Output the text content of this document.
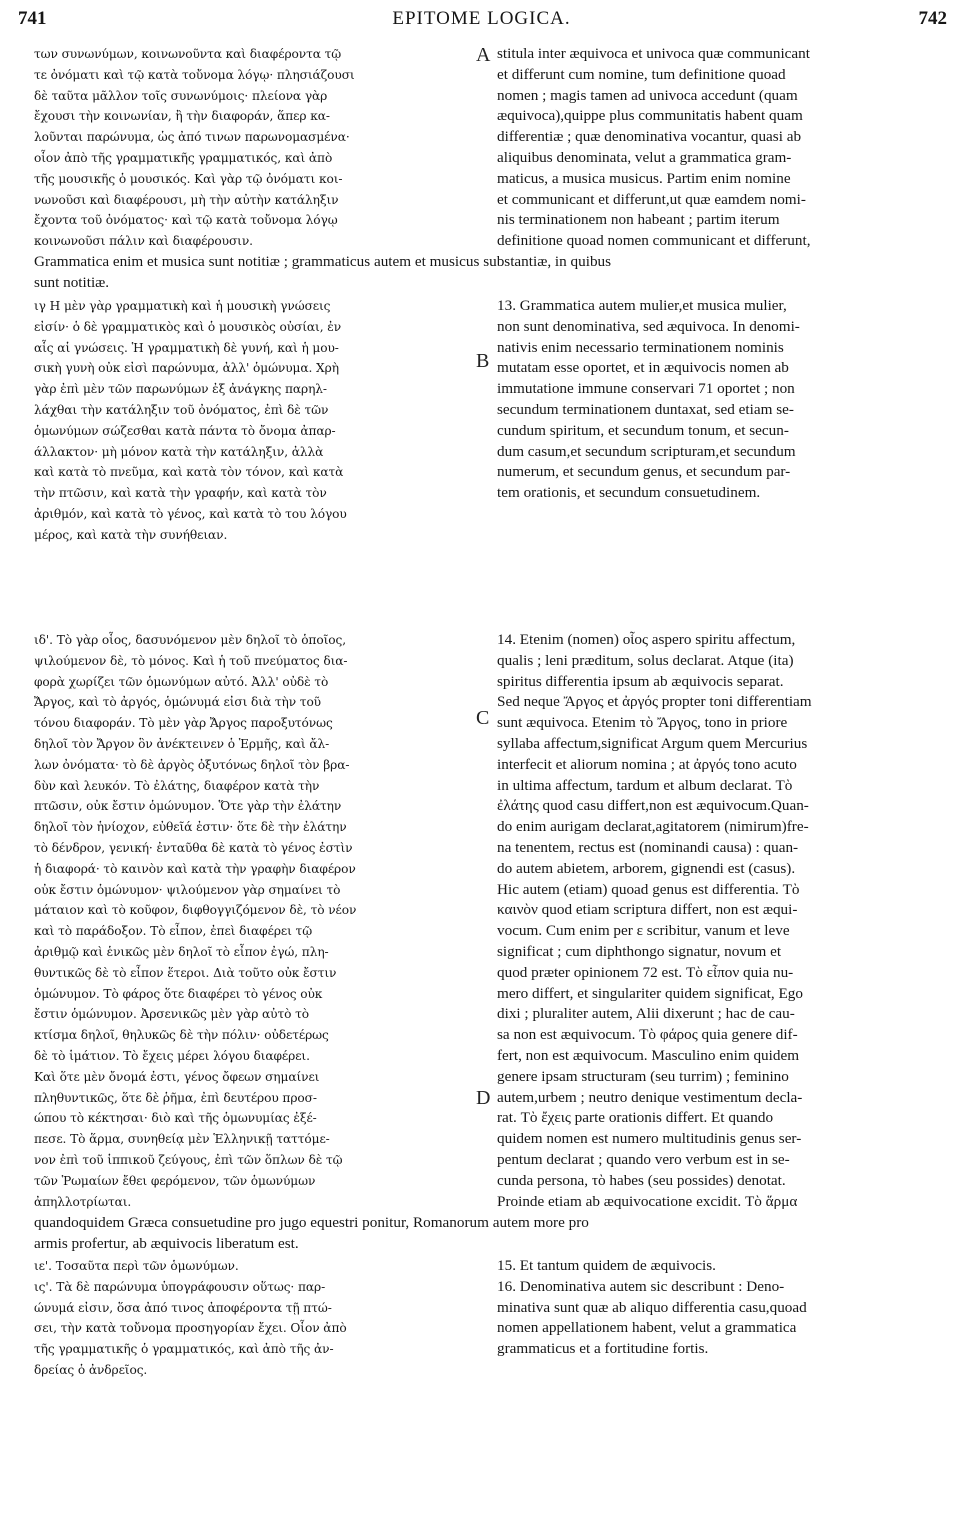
741	EPITOME LOGICA.	742
A
B
C
D
των συνωνύμων, κοινωνοῦντα καὶ διαφέροντα τῷ
τε ὀνόματι καὶ τῷ κατὰ τοὔνομα λόγῳ· πλησιάζουσι
δὲ ταῦτα μᾶλλον τοῖς συνωνύμοις· πλείονα γὰρ
ἔχουσι τὴν κοινωνίαν, ἢ τὴν διαφοράν, ἅπερ κα-
λοῦνται παρώνυμα, ὡς ἀπό τινων παρωνομασμένα·
οἷον ἀπὸ τῆς γραμματικῆς γραμματικός, καὶ ἀπὸ
τῆς μουσικῆς ὁ μουσικός. Καὶ γὰρ τῷ ὀνόματι κοι-
νωνοῦσι καὶ διαφέρουσι, μὴ τὴν αὐτὴν κατάληξιν
ἔχοντα τοῦ ὀνόματος· καὶ τῷ κατὰ τοὔνομα λόγῳ
κοινωνοῦσι πάλιν καὶ διαφέρουσιν.
stitula inter æquivoca et univoca quæ communicant
et differunt cum nomine, tum definitione quoad
nomen ; magis tamen ad univoca accedunt (quam
æquivoca),quippe plus communitatis habent quam
differentiæ ; quæ denominativa vocantur, quasi ab
aliquibus denominata, velut a grammatica gram-
maticus, a musica musicus. Partim enim nomine
et communicant et differunt,ut quæ eamdem nomi-
nis terminationem non habeant ; partim iterum
definitione quoad nomen communicant et differunt,
Grammatica enim et musica sunt notitiæ ; grammaticus autem et musicus substantiæ, in quibus
sunt notitiæ.
ιγ Η μὲν γὰρ γραμματικὴ καὶ ἡ μουσικὴ γνώσεις
εἰσίν· ὁ δὲ γραμματικὸς καὶ ὁ μουσικὸς οὐσίαι, ἐν
αἷς αἱ γνώσεις. Ἡ γραμματικὴ δὲ γυνή, καὶ ἡ μου-
σικὴ γυνὴ οὐκ εἰσὶ παρώνυμα, ἀλλ' ὁμώνυμα. Χρὴ
γὰρ ἐπὶ μὲν τῶν παρωνύμων ἐξ ἀνάγκης παρηλ-
λάχθαι τὴν κατάληξιν τοῦ ὀνόματος, ἐπὶ δὲ τῶν
ὁμωνύμων σώζεσθαι κατὰ πάντα τὸ ὄνομα ἀπαρ-
άλλακτον· μὴ μόνον κατὰ τὴν κατάληξιν, ἀλλὰ
καὶ κατὰ τὸ πνεῦμα, καὶ κατὰ τὸν τόνον, καὶ κατὰ
τὴν πτῶσιν, καὶ κατὰ τὴν γραφήν, καὶ κατὰ τὸν
ἀριθμόν, καὶ κατὰ τὸ γένος, καὶ κατὰ τὸ του λόγου
μέρος, καὶ κατὰ τὴν συνήθειαν.
13. Grammatica autem mulier,et musica mulier,
non sunt denominativa, sed æquivoca. In denomi-
nativis enim necessario terminationem nominis
mutatam esse oportet, et in æquivocis nomen ab
immutatione immune conservari 71 oportet ; non
secundum terminationem duntaxat, sed etiam se-
cundum spiritum, et secundum tonum, et secun-
dum casum,et secundum scripturam,et secundum
numerum, et secundum genus, et secundum par-
tem orationis, et secundum consuetudinem.
ιδ'. Τὸ γὰρ οἷος, δασυνόμενον μὲν δηλοῖ τὸ ὁποῖος,
ψιλούμενον δὲ, τὸ μόνος. Καὶ ἡ τοῦ πνεύματος δια-
φορὰ χωρίζει τῶν ὁμωνύμων αὐτό. Ἀλλ' οὐδὲ τὸ
Ἄργος, καὶ τὸ ἀργός, ὁμώνυμά εἰσι διὰ τὴν τοῦ
τόνου διαφοράν. Τὸ μὲν γὰρ Ἄργος παροξυτόνως
δηλοῖ τὸν Ἄργον ὃν ἀνέκτεινεν ὁ Ἑρμῆς, καὶ ἄλ-
λων ὀνόματα· τὸ δὲ ἀργὸς ὀξυτόνως δηλοῖ τὸν βρα-
δὺν καὶ λευκόν. Τὸ ἐλάτης, διαφέρον κατὰ τὴν
πτῶσιν, οὐκ ἔστιν ὁμώνυμον. Ὅτε γὰρ τὴν ἐλάτην
δηλοῖ τὸν ἡνίοχον, εὐθεῖά ἐστιν· ὅτε δὲ τὴν ἐλάτην
τὸ δένδρον, γενική· ἐνταῦθα δὲ κατὰ τὸ γένος ἐστὶν
ἡ διαφορά· τὸ καινὸν καὶ κατὰ τὴν γραφὴν διαφέρον
οὐκ ἔστιν ὁμώνυμον· ψιλούμενον γὰρ σημαίνει τὸ
μάταιον καὶ τὸ κοῦφον, διφθογγιζόμενον δὲ, τὸ νέον
καὶ τὸ παράδοξον. Τὸ εἶπον, ἐπεὶ διαφέρει τῷ
ἀριθμῷ καὶ ἑνικῶς μὲν δηλοῖ τὸ εἶπον ἐγώ, πλη-
θυντικῶς δὲ τὸ εἶπον ἕτεροι. Διὰ τοῦτο οὐκ ἔστιν
ὁμώνυμον. Τὸ φάρος ὅτε διαφέρει τὸ γένος οὐκ
ἔστιν ὁμώνυμον. Ἀρσενικῶς μὲν γὰρ αὐτὸ τὸ
κτίσμα δηλοῖ, θηλυκῶς δὲ τὴν πόλιν· οὐδετέρως
δὲ τὸ ἱμάτιον. Τὸ ἔχεις μέρει λόγου διαφέρει.
Καὶ ὅτε μὲν ὄνομά ἐστι, γένος ὄφεων σημαίνει
πληθυντικῶς, ὅτε δὲ ῥῆμα, ἐπὶ δευτέρου προσ-
ώπου τὸ κέκτησαι· διὸ καὶ τῆς ὁμωνυμίας ἐξέ-
πεσε. Τὸ ἅρμα, συνηθείᾳ μὲν Ἑλληνικῇ ταττόμε-
νον ἐπὶ τοῦ ἱππικοῦ ζεύγους, ἐπὶ τῶν ὅπλων δὲ τῷ
τῶν Ῥωμαίων ἔθει φερόμενον, τῶν ὁμωνύμων
ἀπηλλοτρίωται.
14. Etenim (nomen) οἷος aspero spiritu affectum,
qualis ; leni præditum, solus declarat. Atque (ita)
spiritus differentia ipsum ab æquivocis separat.
Sed neque Ἄργος et ἀργός propter toni differentiam
sunt æquivoca. Etenim τὸ Ἄργος, tono in priore
syllaba affectum,significat Argum quem Mercurius
interfecit et aliorum nomina ; at ἀργός tono acuto
in ultima affectum, tardum et album declarat. Τὸ
ἐλάτης quod casu differt,non est æquivocum.Quan-
do enim aurigam declarat,agitatorem (nimirum)fre-
na tenentem, rectus est (nominandi causa) : quan-
do autem abietem, arborem, gignendi est (casus).
Hic autem (etiam) quoad genus est differentia. Τὸ
καινὸν quod etiam scriptura differt, non est æqui-
vocum. Cum enim per ε scribitur, vanum et leve
significat ; cum diphthongo signatur, novum et
quod præter opinionem 72 est. Τὸ εἶπον quia nu-
mero differt, et singulariter quidem significat, Ego
dixi ; pluraliter autem, Alii dixerunt ; hac de cau-
sa non est æquivocum. Τὸ φάρος quia genere dif-
fert, non est æquivocum. Masculino enim quidem
genere ipsam structuram (seu turrim) ; feminino
autem,urbem ; neutro denique vestimentum decla-
rat. Τὸ ἔχεις parte orationis differt. Et quando
quidem nomen est numero multitudinis genus ser-
pentum declarat ; quando vero verbum est in se-
cunda persona, τὸ habes (seu possides) denotat.
Proinde etiam ab æquivocatione excidit. Τὸ ἅρμα
quandoquidem Græca consuetudine pro jugo equestri ponitur, Romanorum autem more pro
armis profertur, ab æquivocis liberatum est.
ιε'. Τοσαῦτα περὶ τῶν ὁμωνύμων.
ις'. Τὰ δὲ παρώνυμα ὑπογράφουσιν οὕτως· παρ-
ώνυμά εἰσιν, ὅσα ἀπό τινος ἀποφέροντα τῇ πτώ-
σει, τὴν κατὰ τοὔνομα προσηγορίαν ἔχει. Οἷον ἀπὸ
τῆς γραμματικῆς ὁ γραμματικός, καὶ ἀπὸ τῆς ἀν-
δρείας ὁ ἀνδρεῖος.
15. Et tantum quidem de æquivocis.
16. Denominativa autem sic describunt : Deno-
minativa sunt quæ ab aliquo differentia casu,quoad
nomen appellationem habent, velut a grammatica
grammaticus et a fortitudine fortis.
